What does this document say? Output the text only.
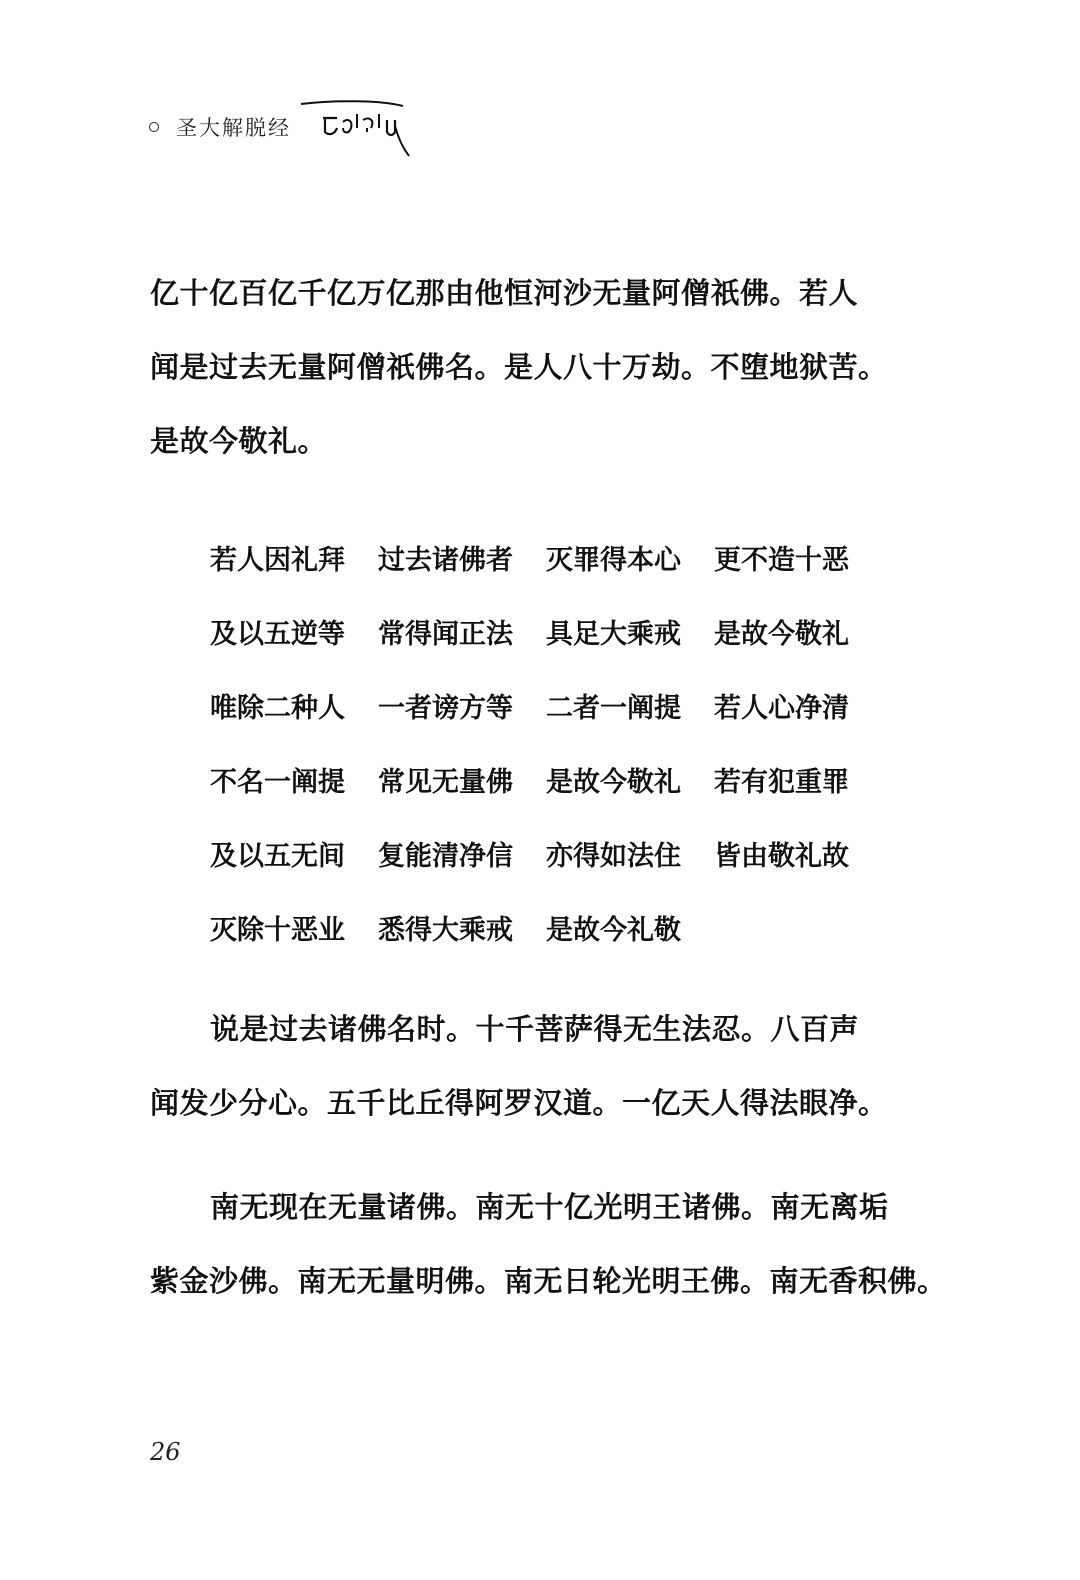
圣大解脱经
亿十亿百亿千亿万亿那由他恒河沙无量阿僧祇佛。若人
闻是过去无量阿僧祇佛名。是人八十万劫。不堕地狱苦。
是故今敬礼。
若人因礼拜	过去诸佛者	灭罪得本心	更不造十恶
及以五逆等	常得闻正法	具足大乘戒	是故今敬礼
唯除二种人	一者谤方等	二者一阐提	若人心净清
不名一阐提	常见无量佛	是故今敬礼	若有犯重罪
及以五无间	复能清净信	亦得如法住	皆由敬礼故
灭除十恶业	悉得大乘戒	是故今礼敬
说是过去诸佛名时。十千菩萨得无生法忍。八百声
闻发少分心。五千比丘得阿罗汉道。一亿天人得法眼净。
南无现在无量诸佛。南无十亿光明王诸佛。南无离垢
紫金沙佛。南无无量明佛。南无日轮光明王佛。南无香积佛。
26
